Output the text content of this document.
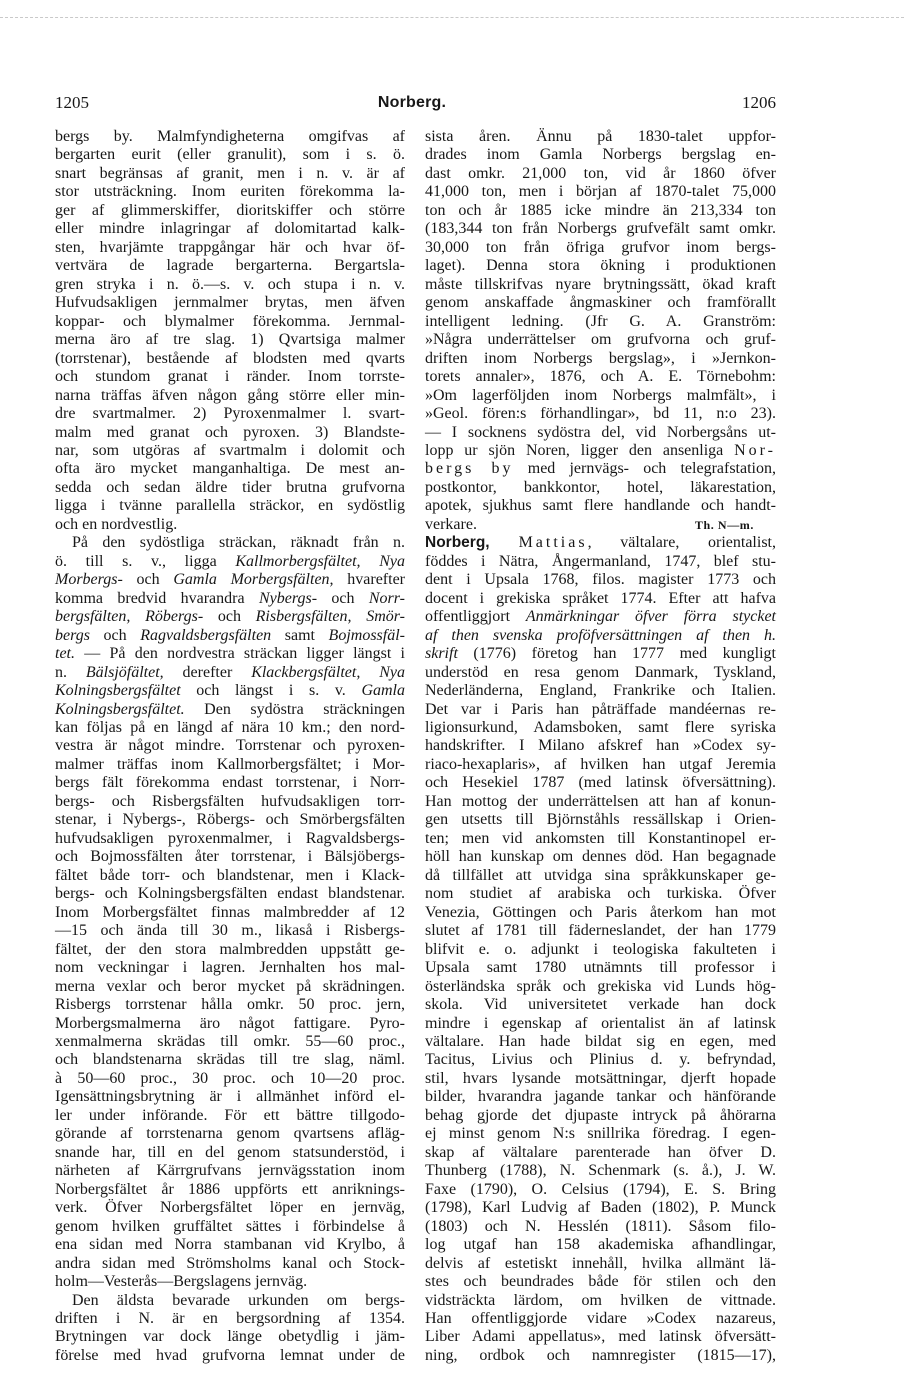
1205	Norberg.	1206
bergs by. Malmfyndigheterna omgifvas af
bergarten eurit (eller granulit), som i s. ö.
snart begränsas af granit, men i n. v. är af
stor utsträckning. Inom euriten förekomma la-
ger af glimmerskiffer, dioritskiffer och större
eller mindre inlagringar af dolomitartad kalk-
sten, hvarjämte trappgångar här och hvar öf-
vertvära de lagrade bergarterna. Bergartsla-
gren stryka i n. ö.—s. v. och stupa i n. v.
Hufvudsakligen jernmalmer brytas, men äfven
koppar- och blymalmer förekomma. Jernmal-
merna äro af tre slag. 1) Qvartsiga malmer
(torrstenar), bestående af blodsten med qvarts
och stundom granat i ränder. Inom torrste-
narna träffas äfven någon gång större eller min-
dre svartmalmer. 2) Pyroxenmalmer l. svart-
malm med granat och pyroxen. 3) Blandste-
nar, som utgöras af svartmalm i dolomit och
ofta äro mycket manganhaltiga. De mest an-
sedda och sedan äldre tider brutna grufvorna
ligga i tvänne parallella sträckor, en sydöstlig
och en nordvestlig.
På den sydöstliga sträckan, räknadt från n.
ö. till s. v., ligga Kallmorbergsfältet, Nya
Morbergs- och Gamla Morbergsfälten, hvarefter
komma bredvid hvarandra Nybergs- och Norr-
bergsfälten, Röbergs- och Risbergsfälten, Smör-
bergs och Ragvaldsbergsfälten samt Bojmossfäl-
tet. — På den nordvestra sträckan ligger längst i
n. Bälsjöfältet, derefter Klackbergsfältet, Nya
Kolningsbergsfältet och längst i s. v. Gamla
Kolningsbergsfältet. Den sydöstra sträckningen
kan följas på en längd af nära 10 km.; den nord-
vestra är något mindre. Torrstenar och pyroxen-
malmer träffas inom Kallmorbergsfältet; i Mor-
bergs fält förekomma endast torrstenar, i Norr-
bergs- och Risbergsfälten hufvudsakligen torr-
stenar, i Nybergs-, Röbergs- och Smörbergsfälten
hufvudsakligen pyroxenmalmer, i Ragvaldsbergs-
och Bojmossfälten åter torrstenar, i Bälsjöbergs-
fältet både torr- och blandstenar, men i Klack-
bergs- och Kolningsbergsfälten endast blandstenar.
Inom Morbergsfältet finnas malmbredder af 12
—15 och ända till 30 m., likaså i Risbergs-
fältet, der den stora malmbredden uppstått ge-
nom veckningar i lagren. Jernhalten hos mal-
merna vexlar och beror mycket på skrädningen.
Risbergs torrstenar hålla omkr. 50 proc. jern,
Morbergsmalmerna äro något fattigare. Pyro-
xenmalmerna skrädas till omkr. 55—60 proc.,
och blandstenarna skrädas till tre slag, näml.
à 50—60 proc., 30 proc. och 10—20 proc.
Igensättningsbrytning är i allmänhet införd el-
ler under införande. För ett bättre tillgodo-
görande af torrstenarna genom qvartsens afläg-
snande har, till en del genom statsunderstöd, i
närheten af Kärrgrufvans jernvägsstation inom
Norbergsfältet år 1886 uppförts ett anriknings-
verk. Öfver Norbergsfältet löper en jernväg,
genom hvilken gruffältet sättes i förbindelse å
ena sidan med Norra stambanan vid Krylbo, å
andra sidan med Strömsholms kanal och Stock-
holm—Vesterås—Bergslagens jernväg.
Den äldsta bevarade urkunden om bergs-
driften i N. är en bergsordning af 1354.
Brytningen var dock länge obetydlig i jäm-
förelse med hvad grufvorna lemnat under de
sista åren. Ännu på 1830-talet uppfor-
drades inom Gamla Norbergs bergslag en-
dast omkr. 21,000 ton, vid år 1860 öfver
41,000 ton, men i början af 1870-talet 75,000
ton och år 1885 icke mindre än 213,334 ton
(183,344 ton från Norbergs grufvefält samt omkr.
30,000 ton från öfriga grufvor inom bergs-
laget). Denna stora ökning i produktionen
måste tillskrifvas nyare brytningssätt, ökad kraft
genom anskaffade ångmaskiner och framförallt
intelligent ledning. (Jfr G. A. Granström:
»Några underrättelser om grufvorna och gruf-
driften inom Norbergs bergslag», i »Jernkon-
torets annaler», 1876, och A. E. Törnebohm:
»Om lagerföljden inom Norbergs malmfält», i
»Geol. fören:s förhandlingar», bd 11, n:o 23).
— I socknens sydöstra del, vid Norbergsåns ut-
lopp ur sjön Noren, ligger den ansenliga Nor-
bergs by med jernvägs- och telegrafstation,
postkontor, bankkontor, hotel, läkarestation,
apotek, sjukhus samt flere handlande och handt-
verkare.	Th. N—m.
Norberg, Mattias, vältalare, orientalist,
föddes i Nätra, Ångermanland, 1747, blef stu-
dent i Upsala 1768, filos. magister 1773 och
docent i grekiska språket 1774. Efter att hafva
offentliggjort Anmärkningar öfver förra stycket
af then svenska proföfversättningen af then h.
skrift (1776) företog han 1777 med kungligt
understöd en resa genom Danmark, Tyskland,
Nederländerna, England, Frankrike och Italien.
Det var i Paris han påträffade mandéernas re-
ligionsurkund, Adamsboken, samt flere syriska
handskrifter. I Milano afskref han »Codex sy-
riaco-hexaplaris», af hvilken han utgaf Jeremia
och Hesekiel 1787 (med latinsk öfversättning).
Han mottog der underrättelsen att han af konun-
gen utsetts till Björnståhls ressällskap i Orien-
ten; men vid ankomsten till Konstantinopel er-
höll han kunskap om dennes död. Han begagnade
då tillfället att utvidga sina språkkunskaper ge-
nom studiet af arabiska och turkiska. Öfver
Venezia, Göttingen och Paris återkom han mot
slutet af 1781 till fäderneslandet, der han 1779
blifvit e. o. adjunkt i teologiska fakulteten i
Upsala samt 1780 utnämnts till professor i
österländska språk och grekiska vid Lunds hög-
skola. Vid universitetet verkade han dock
mindre i egenskap af orientalist än af latinsk
vältalare. Han hade bildat sig en egen, med
Tacitus, Livius och Plinius d. y. befryndad,
stil, hvars lysande motsättningar, djerft hopade
bilder, hvarandra jagande tankar och hänförande
behag gjorde det djupaste intryck på åhörarna
ej minst genom N:s snillrika föredrag. I egen-
skap af vältalare parenterade han öfver D.
Thunberg (1788), N. Schenmark (s. å.), J. W.
Faxe (1790), O. Celsius (1794), E. S. Bring
(1798), Karl Ludvig af Baden (1802), P. Munck
(1803) och N. Hesslén (1811). Såsom filo-
log utgaf han 158 akademiska afhandlingar,
delvis af estetiskt innehåll, hvilka allmänt lä-
stes och beundrades både för stilen och den
vidsträckta lärdom, om hvilken de vittnade.
Han offentliggjorde vidare »Codex nazareus,
Liber Adami appellatus», med latinsk öfversätt-
ning, ordbok och namnregister (1815—17),
